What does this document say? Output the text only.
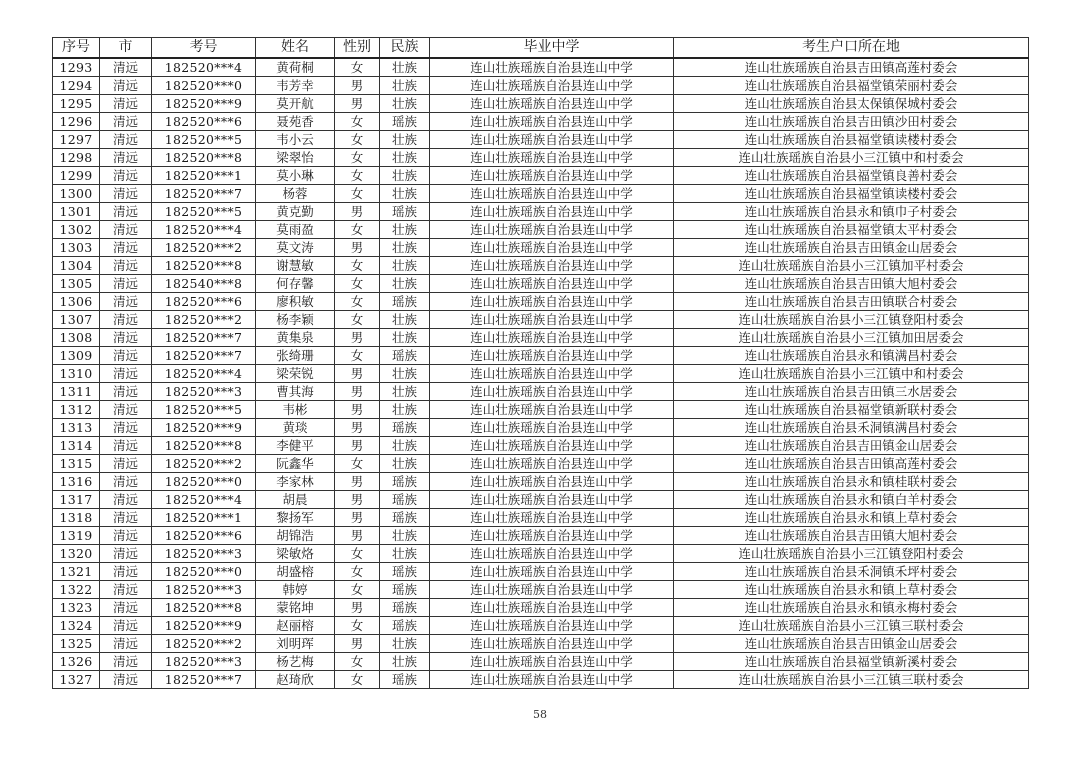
序号	市	考号	姓名	性别	民族	毕业中学	考生户口所在地
1293	清远	182520***4	黄荷桐	女	壮族	连山壮族瑶族自治县连山中学	连山壮族瑶族自治县吉田镇高莲村委会
1294	清远	182520***0	韦芳幸	男	壮族	连山壮族瑶族自治县连山中学	连山壮族瑶族自治县福堂镇荣丽村委会
1295	清远	182520***9	莫开航	男	壮族	连山壮族瑶族自治县连山中学	连山壮族瑶族自治县太保镇保城村委会
1296	清远	182520***6	聂苑香	女	瑶族	连山壮族瑶族自治县连山中学	连山壮族瑶族自治县吉田镇沙田村委会
1297	清远	182520***5	韦小云	女	壮族	连山壮族瑶族自治县连山中学	连山壮族瑶族自治县福堂镇读楼村委会
1298	清远	182520***8	梁翠怡	女	壮族	连山壮族瑶族自治县连山中学	连山壮族瑶族自治县小三江镇中和村委会
1299	清远	182520***1	莫小琳	女	壮族	连山壮族瑶族自治县连山中学	连山壮族瑶族自治县福堂镇良善村委会
1300	清远	182520***7	杨蓉	女	壮族	连山壮族瑶族自治县连山中学	连山壮族瑶族自治县福堂镇读楼村委会
1301	清远	182520***5	黄克勤	男	瑶族	连山壮族瑶族自治县连山中学	连山壮族瑶族自治县永和镇巾子村委会
1302	清远	182520***4	莫雨盈	女	壮族	连山壮族瑶族自治县连山中学	连山壮族瑶族自治县福堂镇太平村委会
1303	清远	182520***2	莫文涛	男	壮族	连山壮族瑶族自治县连山中学	连山壮族瑶族自治县吉田镇金山居委会
1304	清远	182520***8	谢慧敏	女	壮族	连山壮族瑶族自治县连山中学	连山壮族瑶族自治县小三江镇加平村委会
1305	清远	182540***8	何存馨	女	壮族	连山壮族瑶族自治县连山中学	连山壮族瑶族自治县吉田镇大旭村委会
1306	清远	182520***6	廖积敏	女	瑶族	连山壮族瑶族自治县连山中学	连山壮族瑶族自治县吉田镇联合村委会
1307	清远	182520***2	杨李颖	女	壮族	连山壮族瑶族自治县连山中学	连山壮族瑶族自治县小三江镇登阳村委会
1308	清远	182520***7	黄集泉	男	壮族	连山壮族瑶族自治县连山中学	连山壮族瑶族自治县小三江镇加田居委会
1309	清远	182520***7	张绮珊	女	瑶族	连山壮族瑶族自治县连山中学	连山壮族瑶族自治县永和镇满昌村委会
1310	清远	182520***4	梁荣锐	男	壮族	连山壮族瑶族自治县连山中学	连山壮族瑶族自治县小三江镇中和村委会
1311	清远	182520***3	曹其海	男	壮族	连山壮族瑶族自治县连山中学	连山壮族瑶族自治县吉田镇三水居委会
1312	清远	182520***5	韦彬	男	壮族	连山壮族瑶族自治县连山中学	连山壮族瑶族自治县福堂镇新联村委会
1313	清远	182520***9	黄琰	男	瑶族	连山壮族瑶族自治县连山中学	连山壮族瑶族自治县禾洞镇满昌村委会
1314	清远	182520***8	李健平	男	壮族	连山壮族瑶族自治县连山中学	连山壮族瑶族自治县吉田镇金山居委会
1315	清远	182520***2	阮鑫华	女	壮族	连山壮族瑶族自治县连山中学	连山壮族瑶族自治县吉田镇高莲村委会
1316	清远	182520***0	李家林	男	瑶族	连山壮族瑶族自治县连山中学	连山壮族瑶族自治县永和镇桂联村委会
1317	清远	182520***4	胡晨	男	瑶族	连山壮族瑶族自治县连山中学	连山壮族瑶族自治县永和镇白羊村委会
1318	清远	182520***1	黎扬军	男	瑶族	连山壮族瑶族自治县连山中学	连山壮族瑶族自治县永和镇上草村委会
1319	清远	182520***6	胡锦浩	男	壮族	连山壮族瑶族自治县连山中学	连山壮族瑶族自治县吉田镇大旭村委会
1320	清远	182520***3	梁敏烙	女	壮族	连山壮族瑶族自治县连山中学	连山壮族瑶族自治县小三江镇登阳村委会
1321	清远	182520***0	胡盛榕	女	瑶族	连山壮族瑶族自治县连山中学	连山壮族瑶族自治县禾洞镇禾坪村委会
1322	清远	182520***3	韩婷	女	瑶族	连山壮族瑶族自治县连山中学	连山壮族瑶族自治县永和镇上草村委会
1323	清远	182520***8	蒙铭坤	男	瑶族	连山壮族瑶族自治县连山中学	连山壮族瑶族自治县永和镇永梅村委会
1324	清远	182520***9	赵丽榕	女	瑶族	连山壮族瑶族自治县连山中学	连山壮族瑶族自治县小三江镇三联村委会
1325	清远	182520***2	刘明珲	男	壮族	连山壮族瑶族自治县连山中学	连山壮族瑶族自治县吉田镇金山居委会
1326	清远	182520***3	杨艺梅	女	壮族	连山壮族瑶族自治县连山中学	连山壮族瑶族自治县福堂镇新溪村委会
1327	清远	182520***7	赵琦欣	女	瑶族	连山壮族瑶族自治县连山中学	连山壮族瑶族自治县小三江镇三联村委会
58
